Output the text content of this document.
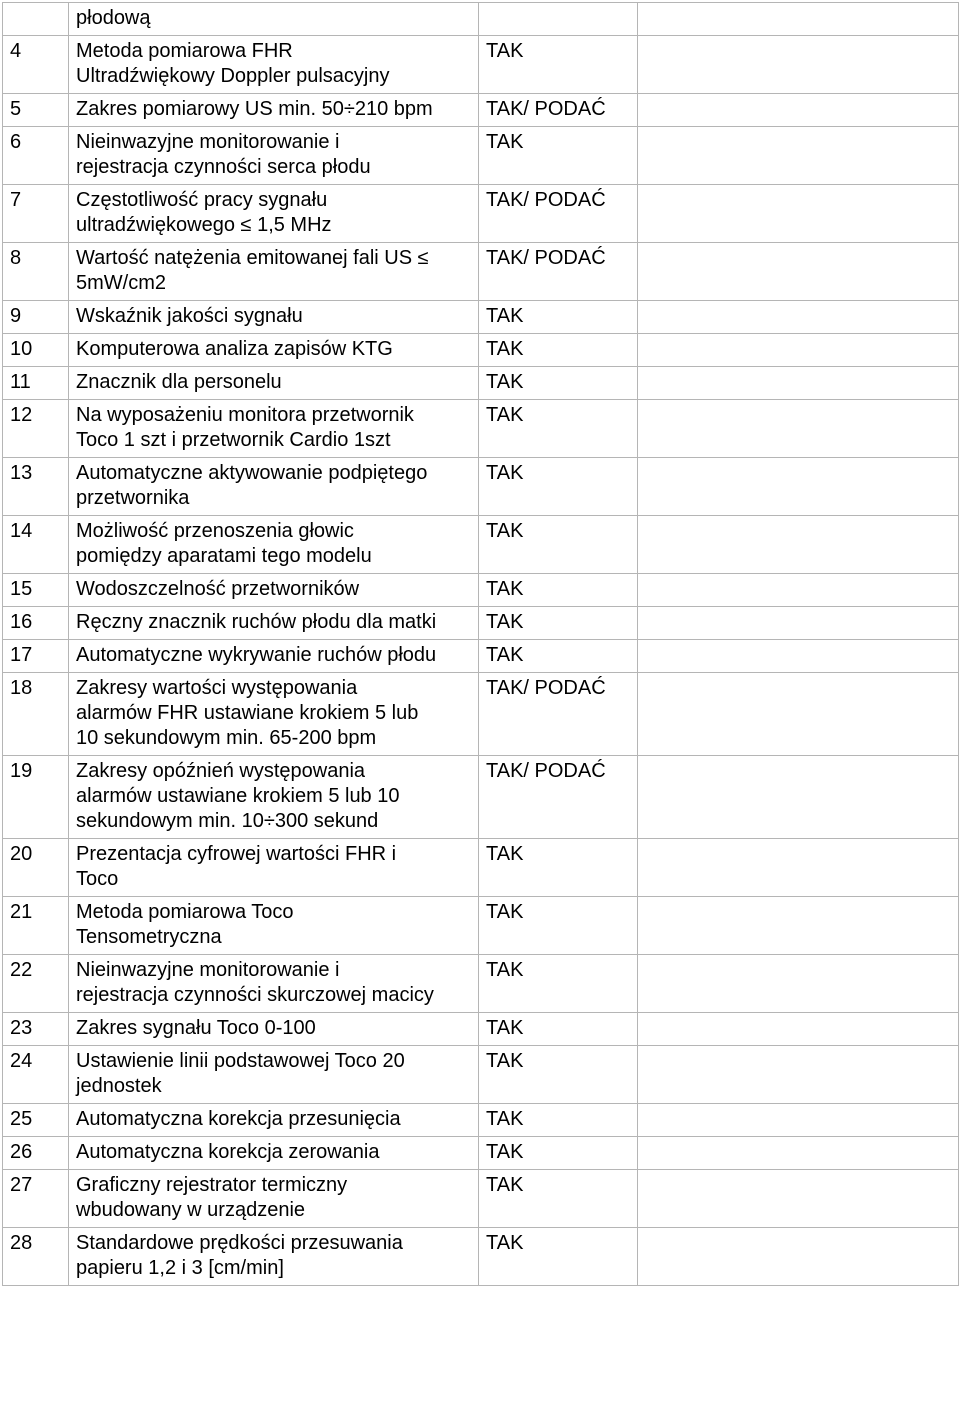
	płodową		
4	Metoda pomiarowa FHR
Ultradźwiękowy Doppler pulsacyjny	TAK	
5	Zakres pomiarowy US min. 50÷210 bpm	TAK/ PODAĆ	
6	Nieinwazyjne monitorowanie i
rejestracja czynności serca płodu	TAK	
7	Częstotliwość pracy sygnału
ultradźwiękowego ≤ 1,5 MHz	TAK/ PODAĆ	
8	Wartość natężenia emitowanej fali US ≤
5mW/cm2	TAK/ PODAĆ	
9	Wskaźnik jakości sygnału	TAK	
10	Komputerowa analiza zapisów KTG	TAK	
11	Znacznik dla personelu	TAK	
12	Na wyposażeniu monitora przetwornik
Toco 1 szt i przetwornik Cardio 1szt	TAK	
13	Automatyczne aktywowanie podpiętego
przetwornika	TAK	
14	Możliwość przenoszenia głowic
pomiędzy aparatami tego modelu	TAK	
15	Wodoszczelność przetworników	TAK	
16	Ręczny znacznik ruchów płodu dla matki	TAK	
17	Automatyczne wykrywanie ruchów płodu	TAK	
18	Zakresy wartości występowania
alarmów FHR ustawiane krokiem 5 lub
10 sekundowym min. 65-200 bpm	TAK/ PODAĆ	
19	Zakresy opóźnień występowania
alarmów ustawiane krokiem 5 lub 10
sekundowym min. 10÷300 sekund	TAK/ PODAĆ	
20	Prezentacja cyfrowej wartości FHR i
Toco	TAK	
21	Metoda pomiarowa Toco
Tensometryczna	TAK	
22	Nieinwazyjne monitorowanie i
rejestracja czynności skurczowej macicy	TAK	
23	Zakres sygnału Toco 0-100	TAK	
24	Ustawienie linii podstawowej Toco 20
jednostek	TAK	
25	Automatyczna korekcja przesunięcia	TAK	
26	Automatyczna korekcja zerowania	TAK	
27	Graficzny rejestrator termiczny
wbudowany w urządzenie	TAK	
28	Standardowe prędkości przesuwania
papieru 1,2 i 3 [cm/min]	TAK	
